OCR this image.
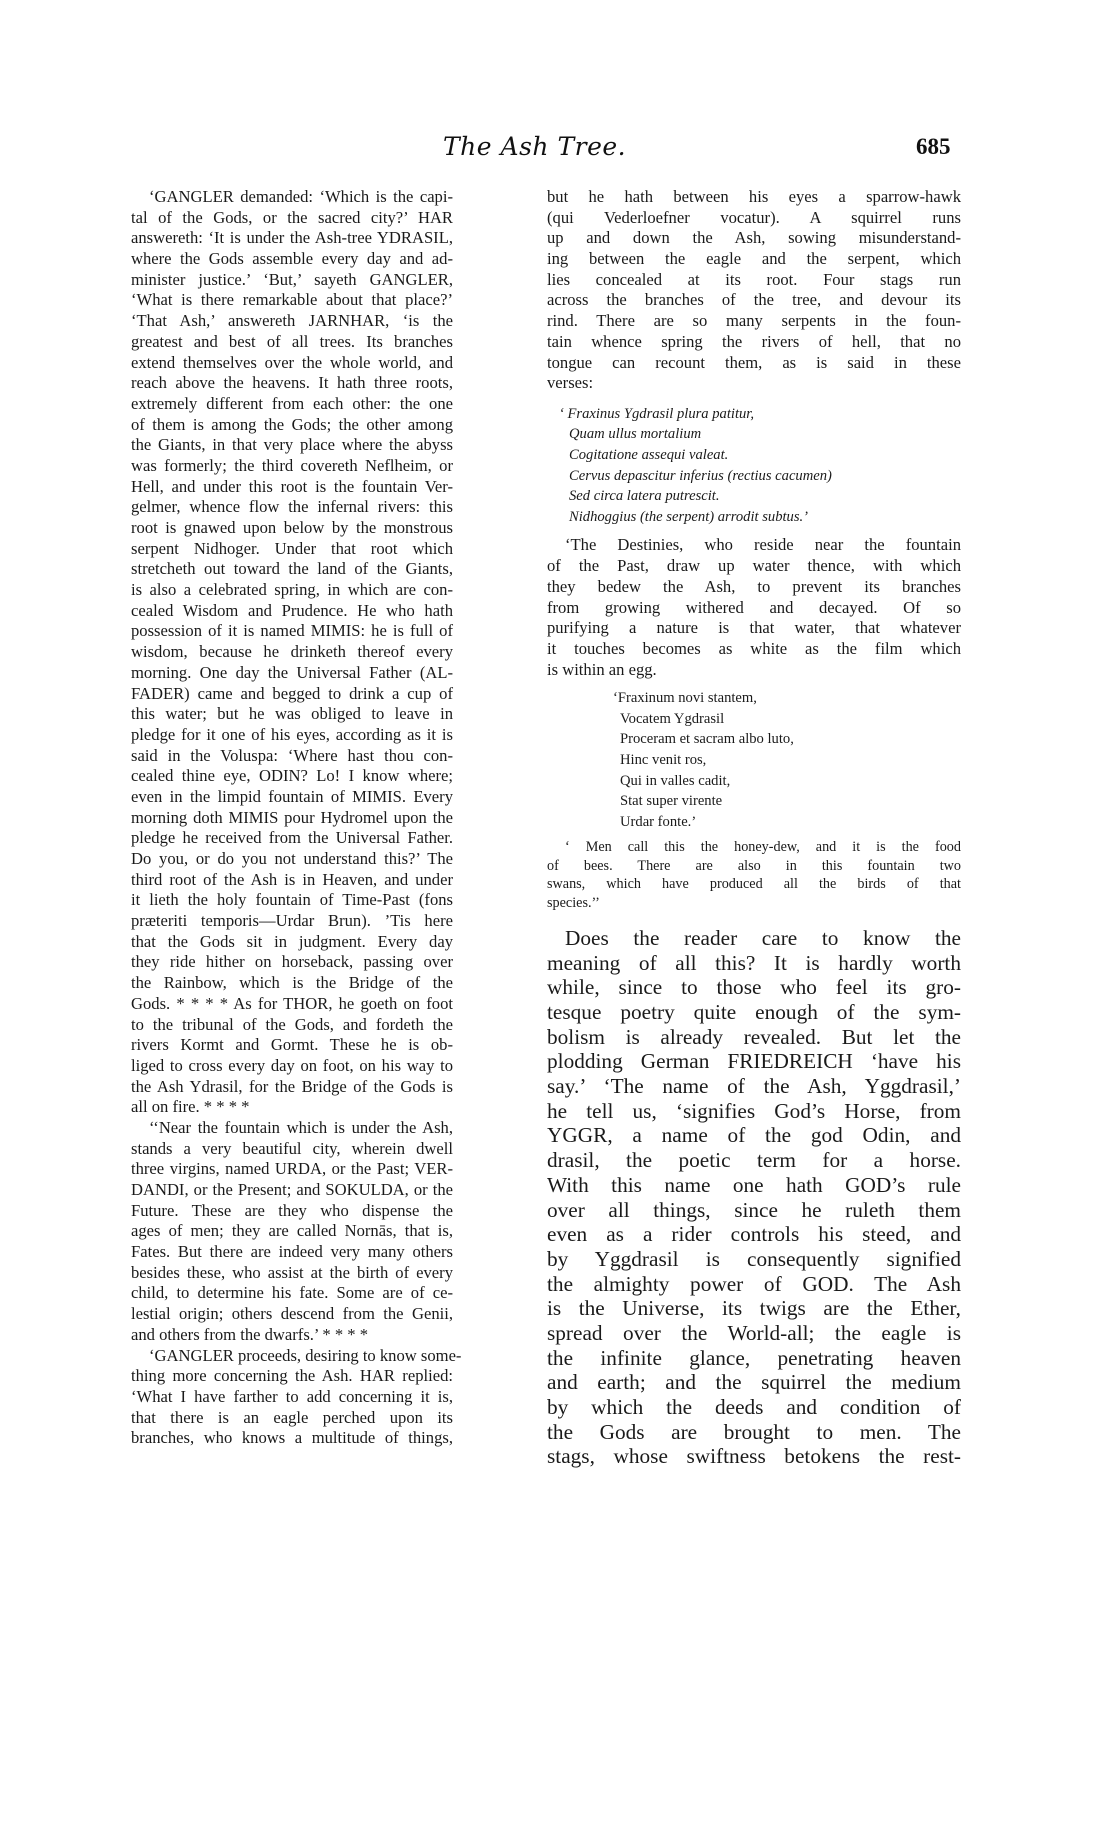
The Ash Tree.	685
‘GANGLER demanded: ‘Which is the capi-
tal of the Gods, or the sacred city?’ HAR
answereth: ‘It is under the Ash-tree YDRASIL,
where the Gods assemble every day and ad-
minister justice.’ ‘But,’ sayeth GANGLER,
‘What is there remarkable about that place?’
‘That Ash,’ answereth JARNHAR, ‘is the
greatest and best of all trees. Its branches
extend themselves over the whole world, and
reach above the heavens. It hath three roots,
extremely different from each other: the one
of them is among the Gods; the other among
the Giants, in that very place where the abyss
was formerly; the third covereth Neflheim, or
Hell, and under this root is the fountain Ver-
gelmer, whence flow the infernal rivers: this
root is gnawed upon below by the monstrous
serpent Nidhoger. Under that root which
stretcheth out toward the land of the Giants,
is also a celebrated spring, in which are con-
cealed Wisdom and Prudence. He who hath
possession of it is named MIMIS: he is full of
wisdom, because he drinketh thereof every
morning. One day the Universal Father (AL-
FADER) came and begged to drink a cup of
this water; but he was obliged to leave in
pledge for it one of his eyes, according as it is
said in the Voluspa: ‘Where hast thou con-
cealed thine eye, ODIN? Lo! I know where;
even in the limpid fountain of MIMIS. Every
morning doth MIMIS pour Hydromel upon the
pledge he received from the Universal Father.
Do you, or do you not understand this?’ The
third root of the Ash is in Heaven, and under
it lieth the holy fountain of Time-Past (fons
præteriti temporis—Urdar Brun). ’Tis here
that the Gods sit in judgment. Every day
they ride hither on horseback, passing over
the Rainbow, which is the Bridge of the
Gods. * * * * As for THOR, he goeth on foot
to the tribunal of the Gods, and fordeth the
rivers Kormt and Gormt. These he is ob-
liged to cross every day on foot, on his way to
the Ash Ydrasil, for the Bridge of the Gods is
all on fire. * * * *
‘‘Near the fountain which is under the Ash,
stands a very beautiful city, wherein dwell
three virgins, named URDA, or the Past; VER-
DANDI, or the Present; and SOKULDA, or the
Future. These are they who dispense the
ages of men; they are called Nornās, that is,
Fates. But there are indeed very many others
besides these, who assist at the birth of every
child, to determine his fate. Some are of ce-
lestial origin; others descend from the Genii,
and others from the dwarfs.’ * * * *
‘GANGLER proceeds, desiring to know some-
thing more concerning the Ash. HAR replied:
‘What I have farther to add concerning it is,
that there is an eagle perched upon its
branches, who knows a multitude of things,
but he hath between his eyes a sparrow-hawk
(qui Vederloefner vocatur). A squirrel runs
up and down the Ash, sowing misunderstand-
ing between the eagle and the serpent, which
lies concealed at its root. Four stags run
across the branches of the tree, and devour its
rind. There are so many serpents in the foun-
tain whence spring the rivers of hell, that no
tongue can recount them, as is said in these
verses:
‘ Fraxinus Ygdrasil plura patitur,
Quam ullus mortalium
Cogitatione assequi valeat.
Cervus depascitur inferius (rectius cacumen)
Sed circa latera putrescit.
Nidhoggius (the serpent) arrodit subtus.’
‘The Destinies, who reside near the fountain
of the Past, draw up water thence, with which
they bedew the Ash, to prevent its branches
from growing withered and decayed. Of so
purifying a nature is that water, that whatever
it touches becomes as white as the film which
is within an egg.
‘Fraxinum novi stantem,
Vocatem Ygdrasil
Proceram et sacram albo luto,
Hinc venit ros,
Qui in valles cadit,
Stat super virente
Urdar fonte.’
‘ Men call this the honey-dew, and it is the food
of bees. There are also in this fountain two
swans, which have produced all the birds of that
species.’’
Does the reader care to know the
meaning of all this? It is hardly worth
while, since to those who feel its gro-
tesque poetry quite enough of the sym-
bolism is already revealed. But let the
plodding German FRIEDREICH ‘have his
say.’ ‘The name of the Ash, Yggdrasil,’
he tell us, ‘signifies God’s Horse, from
YGGR, a name of the god Odin, and
drasil, the poetic term for a horse.
With this name one hath GOD’s rule
over all things, since he ruleth them
even as a rider controls his steed, and
by Yggdrasil is consequently signified
the almighty power of GOD. The Ash
is the Universe, its twigs are the Ether,
spread over the World-all; the eagle is
the infinite glance, penetrating heaven
and earth; and the squirrel the medium
by which the deeds and condition of
the Gods are brought to men. The
stags, whose swiftness betokens the rest-
